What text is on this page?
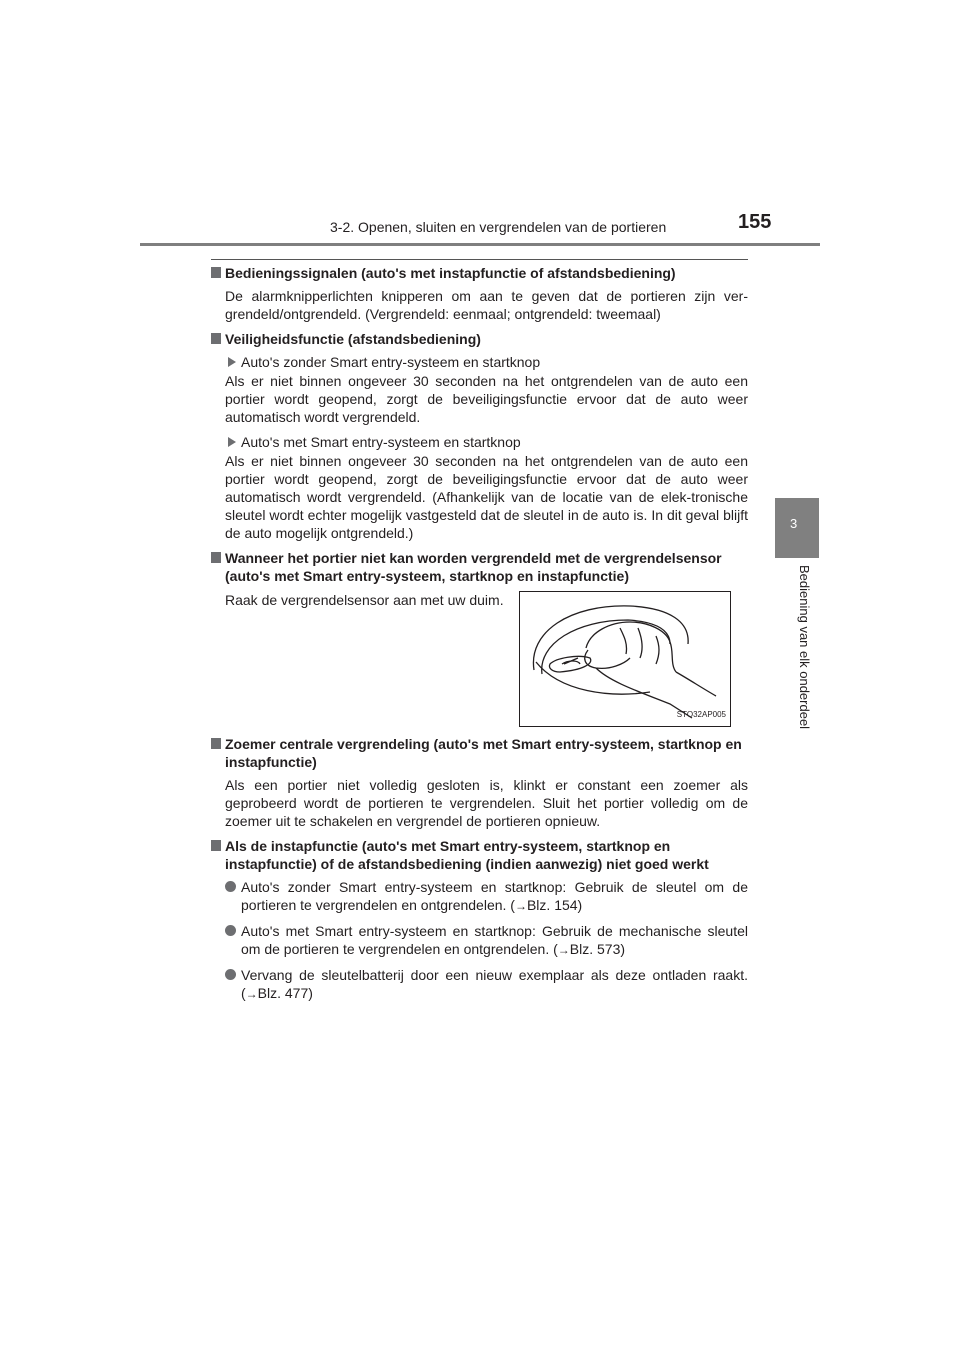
3-2. Openen, sluiten en vergrendelen van de portieren	155
3
Bediening van elk onderdeel
Bedieningssignalen (auto's met instapfunctie of afstandsbediening)
De alarmknipperlichten knipperen om aan te geven dat de portieren zijn ver-grendeld/ontgrendeld. (Vergrendeld: eenmaal; ontgrendeld: tweemaal)
Veiligheidsfunctie (afstandsbediening)
Auto's zonder Smart entry-systeem en startknop
Als er niet binnen ongeveer 30 seconden na het ontgrendelen van de auto een portier wordt geopend, zorgt de beveiligingsfunctie ervoor dat de auto weer automatisch wordt vergrendeld.
Auto's met Smart entry-systeem en startknop
Als er niet binnen ongeveer 30 seconden na het ontgrendelen van de auto een portier wordt geopend, zorgt de beveiligingsfunctie ervoor dat de auto weer automatisch wordt vergrendeld. (Afhankelijk van de locatie van de elek-tronische sleutel wordt echter mogelijk vastgesteld dat de sleutel in de auto is. In dit geval blijft de auto mogelijk ontgrendeld.)
Wanneer het portier niet kan worden vergrendeld met de vergrendelsensor (auto's met Smart entry-systeem, startknop en instapfunctie)
Raak de vergrendelsensor aan met uw duim.
STO32AP005
Zoemer centrale vergrendeling (auto's met Smart entry-systeem, startknop en instapfunctie)
Als een portier niet volledig gesloten is, klinkt er constant een zoemer als geprobeerd wordt de portieren te vergrendelen. Sluit het portier volledig om de zoemer uit te schakelen en vergrendel de portieren opnieuw.
Als de instapfunctie (auto's met Smart entry-systeem, startknop en instapfunctie) of de afstandsbediening (indien aanwezig) niet goed werkt
Auto's zonder Smart entry-systeem en startknop: Gebruik de sleutel om de portieren te vergrendelen en ontgrendelen. (→Blz. 154)
Auto's met Smart entry-systeem en startknop: Gebruik de mechanische sleutel om de portieren te vergrendelen en ontgrendelen. (→Blz. 573)
Vervang de sleutelbatterij door een nieuw exemplaar als deze ontladen raakt. (→Blz. 477)
